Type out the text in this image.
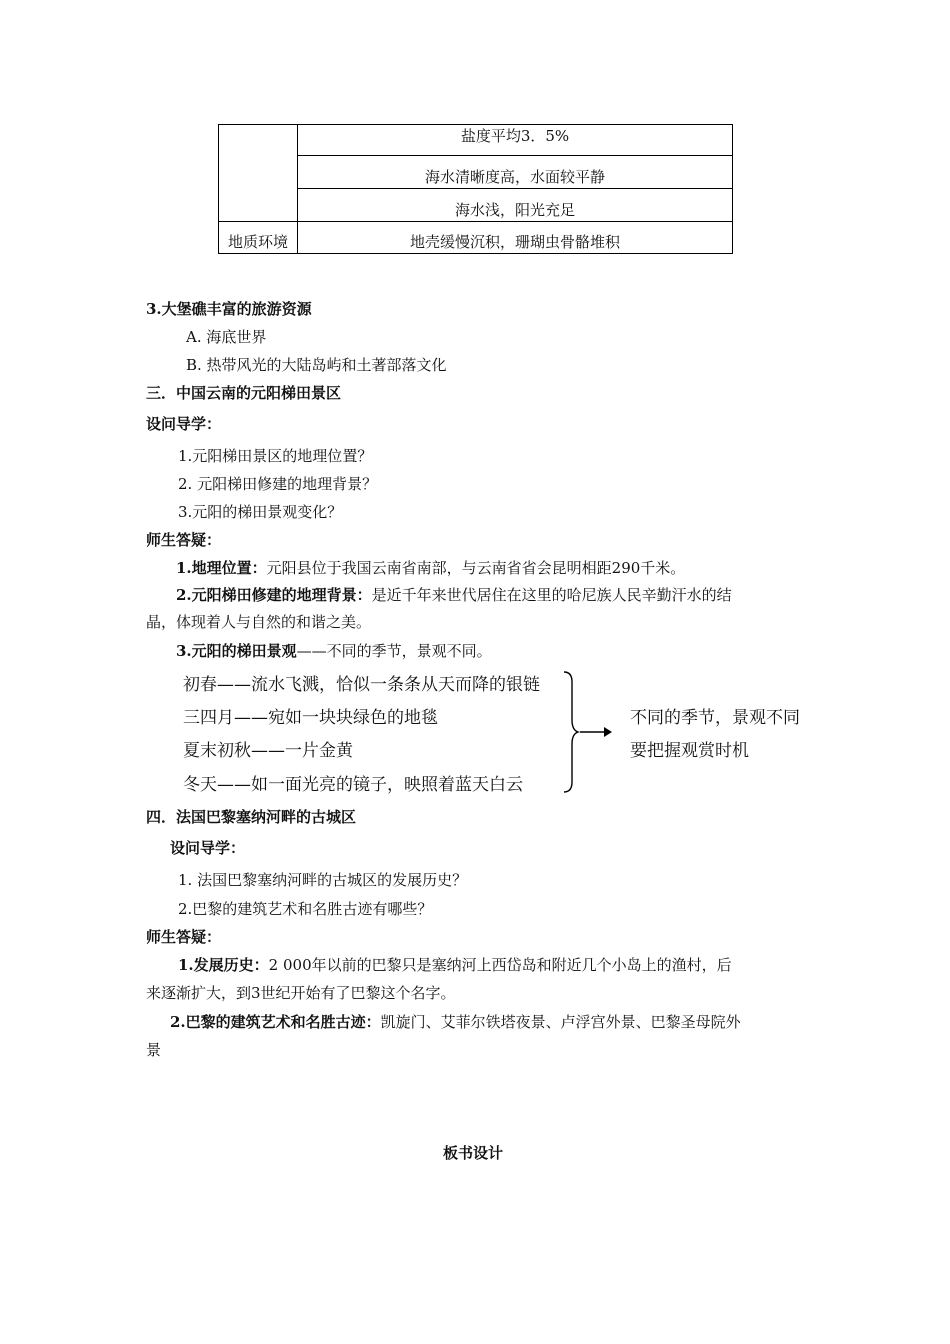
	盐度平均3．5%
	海水清晰度高，水面较平静
	海水浅，阳光充足
地质环境	地壳缓慢沉积，珊瑚虫骨骼堆积
3.大堡礁丰富的旅游资源
A. 海底世界
B. 热带风光的大陆岛屿和土著部落文化
三．中国云南的元阳梯田景区
设问导学：
1.元阳梯田景区的地理位置？
2. 元阳梯田修建的地理背景？
3.元阳的梯田景观变化？
师生答疑：
1.地理位置：元阳县位于我国云南省南部，与云南省省会昆明相距290千米。
2.元阳梯田修建的地理背景：是近千年来世代居住在这里的哈尼族人民辛勤汗水的结
晶，体现着人与自然的和谐之美。
3.元阳的梯田景观——不同的季节，景观不同。
初春——流水飞溅，恰似一条条从天而降的银链
三四月——宛如一块块绿色的地毯
夏末初秋——一片金黄
冬天——如一面光亮的镜子，映照着蓝天白云
不同的季节，景观不同
要把握观赏时机
四．法国巴黎塞纳河畔的古城区
设问导学：
1. 法国巴黎塞纳河畔的古城区的发展历史？
2.巴黎的建筑艺术和名胜古迹有哪些？
师生答疑：
1.发展历史：2 000年以前的巴黎只是塞纳河上西岱岛和附近几个小岛上的渔村，后
来逐渐扩大，到3世纪开始有了巴黎这个名字。
2.巴黎的建筑艺术和名胜古迹：凯旋门、艾菲尔铁塔夜景、卢浮宫外景、巴黎圣母院外
景
板书设计
